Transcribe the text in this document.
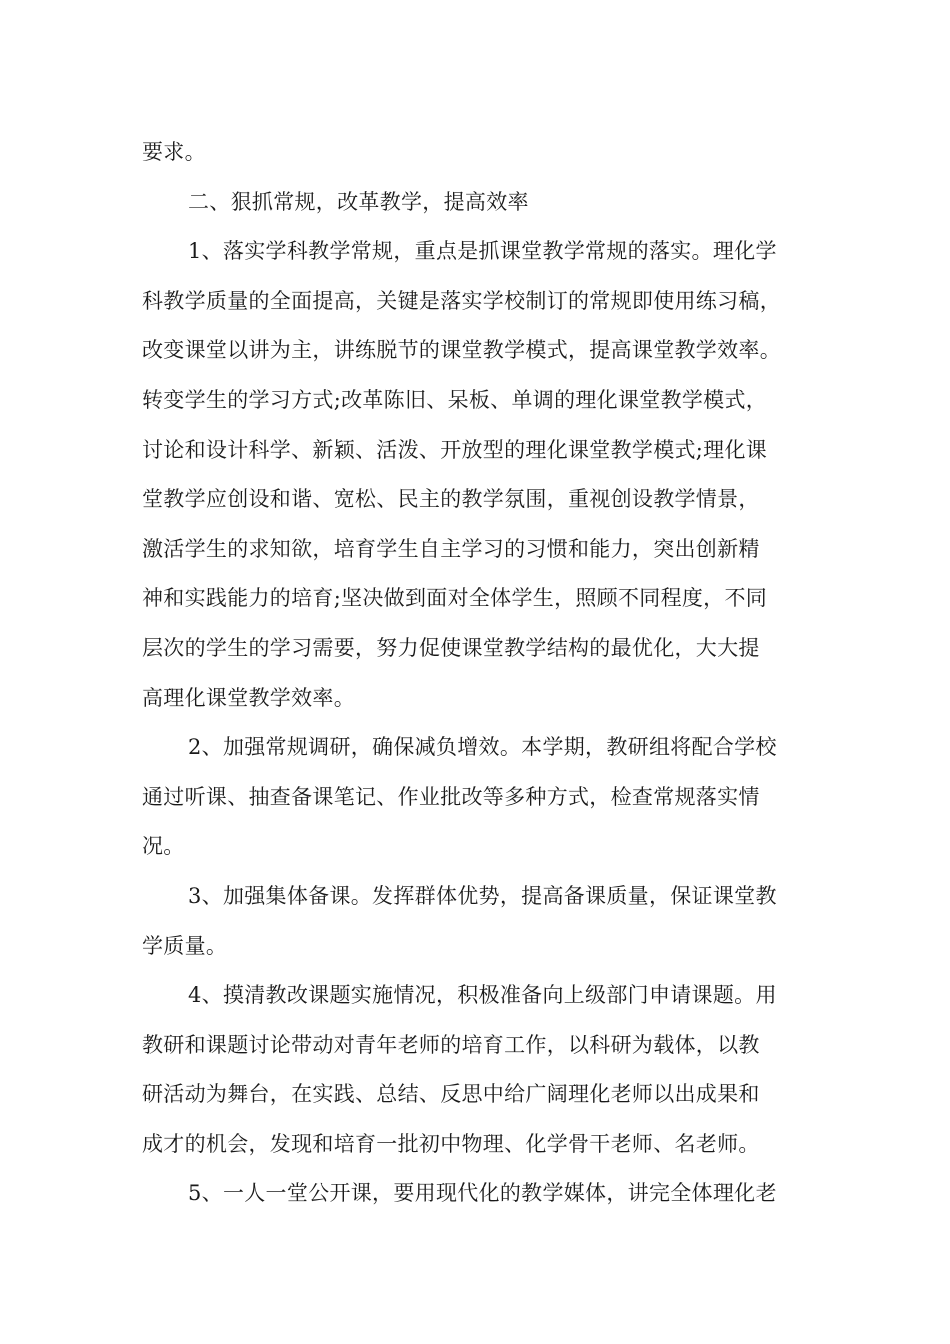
要求。
二、狠抓常规，改革教学，提高效率
1、落实学科教学常规，重点是抓课堂教学常规的落实。理化学
科教学质量的全面提高，关键是落实学校制订的常规即使用练习稿，
改变课堂以讲为主，讲练脱节的课堂教学模式，提高课堂教学效率。
转变学生的学习方式;改革陈旧、呆板、单调的理化课堂教学模式，
讨论和设计科学、新颖、活泼、开放型的理化课堂教学模式;理化课
堂教学应创设和谐、宽松、民主的教学氛围，重视创设教学情景，
激活学生的求知欲，培育学生自主学习的习惯和能力，突出创新精
神和实践能力的培育;坚决做到面对全体学生，照顾不同程度，不同
层次的学生的学习需要，努力促使课堂教学结构的最优化，大大提
高理化课堂教学效率。
2、加强常规调研，确保减负增效。本学期，教研组将配合学校
通过听课、抽查备课笔记、作业批改等多种方式，检查常规落实情
况。
3、加强集体备课。发挥群体优势，提高备课质量，保证课堂教
学质量。
4、摸清教改课题实施情况，积极准备向上级部门申请课题。用
教研和课题讨论带动对青年老师的培育工作，以科研为载体，以教
研活动为舞台，在实践、总结、反思中给广阔理化老师以出成果和
成才的机会，发现和培育一批初中物理、化学骨干老师、名老师。
5、一人一堂公开课，要用现代化的教学媒体，讲完全体理化老
